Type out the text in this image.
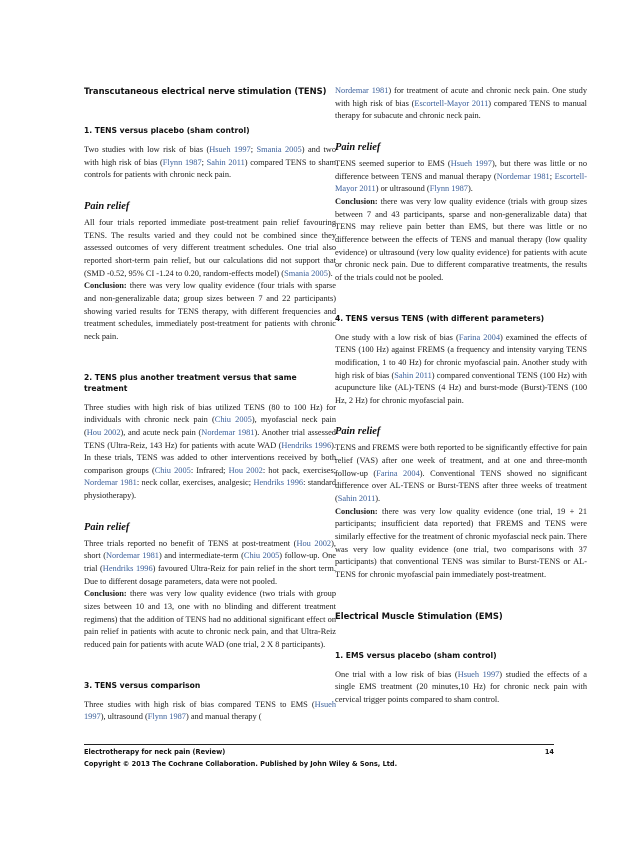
Transcutaneous electrical nerve stimulation (TENS)

1. TENS versus placebo (sham control)

Two studies with low risk of bias (Hsueh 1997; Smania 2005) and two with high risk of bias (Flynn 1987; Sahin 2011) compared TENS to sham controls for patients with chronic neck pain.

Pain relief

All four trials reported immediate post-treatment pain relief favouring TENS. The results varied and they could not be combined since they assessed outcomes of very different treatment schedules. One trial also reported short-term pain relief, but our calculations did not support that (SMD -0.52, 95% CI -1.24 to 0.20, random-effects model) (Smania 2005).

Conclusion: there was very low quality evidence (four trials with sparse and non-generalizable data; group sizes between 7 and 22 participants) showing varied results for TENS therapy, with different frequencies and treatment schedules, immediately post-treatment for patients with chronic neck pain.

2. TENS plus another treatment versus that same treatment

Three studies with high risk of bias utilized TENS (80 to 100 Hz) for individuals with chronic neck pain (Chiu 2005), myofascial neck pain (Hou 2002), and acute neck pain (Nordemar 1981). Another trial assessed TENS (Ultra-Reiz, 143 Hz) for patients with acute WAD (Hendriks 1996). In these trials, TENS was added to other interventions received by both comparison groups (Chiu 2005: Infrared; Hou 2002: hot pack, exercises; Nordemar 1981: neck collar, exercises, analgesic; Hendriks 1996: standard physiotherapy).

Pain relief

Three trials reported no benefit of TENS at post-treatment (Hou 2002), short (Nordemar 1981) and intermediate-term (Chiu 2005) follow-up. One trial (Hendriks 1996) favoured Ultra-Reiz for pain relief in the short term. Due to different dosage parameters, data were not pooled.

Conclusion: there was very low quality evidence (two trials with group sizes between 10 and 13, one with no blinding and different treatment regimens) that the addition of TENS had no additional significant effect on pain relief in patients with acute to chronic neck pain, and that Ultra-Reiz reduced pain for patients with acute WAD (one trial, 2 X 8 participants).

3. TENS versus comparison

Three studies with high risk of bias compared TENS to EMS (Hsueh 1997), ultrasound (Flynn 1987) and manual therapy (

Nordemar 1981) for treatment of acute and chronic neck pain. One study with high risk of bias (Escortell-Mayor 2011) compared TENS to manual therapy for subacute and chronic neck pain.

Pain relief

TENS seemed superior to EMS (Hsueh 1997), but there was little or no difference between TENS and manual therapy (Nordemar 1981; Escortell-Mayor 2011) or ultrasound (Flynn 1987).

Conclusion: there was very low quality evidence (trials with group sizes between 7 and 43 participants, sparse and non-generalizable data) that TENS may relieve pain better than EMS, but there was little or no difference between the effects of TENS and manual therapy (low quality evidence) or ultrasound (very low quality evidence) for patients with acute or chronic neck pain. Due to different comparative treatments, the results of the trials could not be pooled.

4. TENS versus TENS (with different parameters)

One study with a low risk of bias (Farina 2004) examined the effects of TENS (100 Hz) against FREMS (a frequency and intensity varying TENS modification, 1 to 40 Hz) for chronic myofascial pain. Another study with high risk of bias (Sahin 2011) compared conventional TENS (100 Hz) with acupuncture like (AL)-TENS (4 Hz) and burst-mode (Burst)-TENS (100 Hz, 2 Hz) for chronic myofascial pain.

Pain relief

TENS and FREMS were both reported to be significantly effective for pain relief (VAS) after one week of treatment, and at one and three-month follow-up (Farina 2004). Conventional TENS showed no significant difference over AL-TENS or Burst-TENS after three weeks of treatment (Sahin 2011).

Conclusion: there was very low quality evidence (one trial, 19 + 21 participants; insufficient data reported) that FREMS and TENS were similarly effective for the treatment of chronic myofascial neck pain. There was very low quality evidence (one trial, two comparisons with 37 participants) that conventional TENS was similar to Burst-TENS or AL-TENS for chronic myofascial pain immediately post-treatment.

Electrical Muscle Stimulation (EMS)

1. EMS versus placebo (sham control)

One trial with a low risk of bias (Hsueh 1997) studied the effects of a single EMS treatment (20 minutes,10 Hz) for chronic neck pain with cervical trigger points compared to sham control.

Electrotherapy for neck pain (Review)
Copyright © 2013 The Cochrane Collaboration. Published by John Wiley & Sons, Ltd.
14
